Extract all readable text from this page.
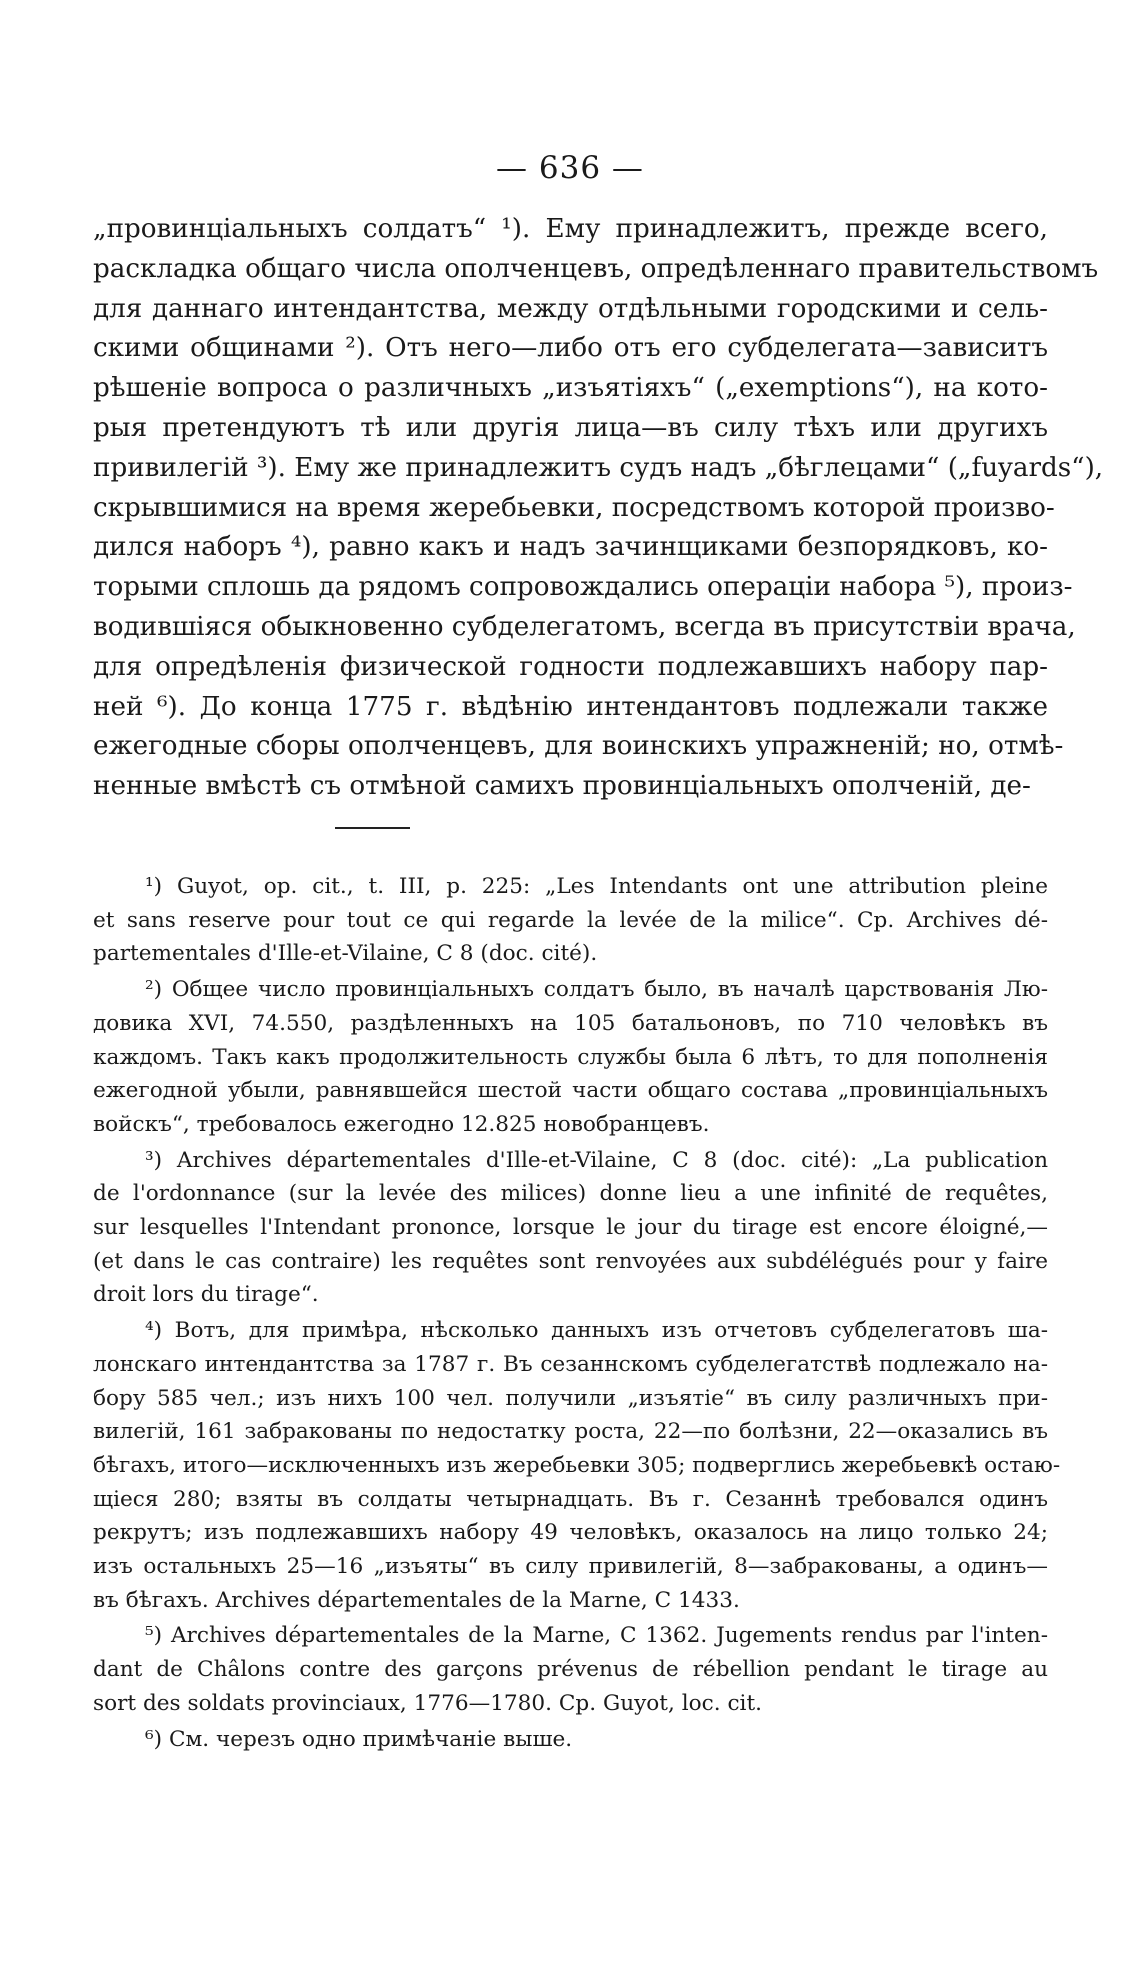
— 636 —
„провинціальныхъ солдатъ“ ¹). Ему принадлежитъ, прежде всего,
раскладка общаго числа ополченцевъ, опредѣленнаго правительствомъ
для даннаго интендантства, между отдѣльными городскими и сель-
скими общинами ²). Отъ него—либо отъ его субделегата—зависитъ
рѣшеніе вопроса о различныхъ „изъятіяхъ“ („exemptions“), на кото-
рыя претендуютъ тѣ или другія лица—въ силу тѣхъ или другихъ
привилегій ³). Ему же принадлежитъ судъ надъ „бѣглецами“ („fuyards“),
скрывшимися на время жеребьевки, посредствомъ которой произво-
дился наборъ ⁴), равно какъ и надъ зачинщиками безпорядковъ, ко-
торыми сплошь да рядомъ сопровождались операціи набора ⁵), произ-
водившіяся обыкновенно субделегатомъ, всегда въ присутствіи врача,
для опредѣленія физической годности подлежавшихъ набору пар-
ней ⁶). До конца 1775 г. вѣдѣнію интендантовъ подлежали также
ежегодные сборы ополченцевъ, для воинскихъ упражненій; но, отмѣ-
ненные вмѣстѣ съ отмѣной самихъ провинціальныхъ ополченій, де-
¹) Guyot, op. cit., t. III, p. 225: „Les Intendants ont une attribution pleine
et sans reserve pour tout ce qui regarde la levée de la milice“. Cp. Archives dé-
partementales d'Ille-et-Vilaine, C 8 (doc. cité).
²) Общее число провинціальныхъ солдатъ было, въ началѣ царствованія Лю-
довика XVI, 74.550, раздѣленныхъ на 105 батальоновъ, по 710 человѣкъ въ
каждомъ. Такъ какъ продолжительность службы была 6 лѣтъ, то для пополненія
ежегодной убыли, равнявшейся шестой части общаго состава „провинціальныхъ
войскъ“, требовалось ежегодно 12.825 новобранцевъ.
³) Archives départementales d'Ille-et-Vilaine, C 8 (doc. cité): „La publication
de l'ordonnance (sur la levée des milices) donne lieu a une infinité de requêtes,
sur lesquelles l'Intendant prononce, lorsque le jour du tirage est encore éloigné,—
(et dans le cas contraire) les requêtes sont renvoyées aux subdélégués pour y faire
droit lors du tirage“.
⁴) Вотъ, для примѣра, нѣсколько данныхъ изъ отчетовъ субделегатовъ ша-
лонскаго интендантства за 1787 г. Въ сезаннскомъ субделегатствѣ подлежало на-
бору 585 чел.; изъ нихъ 100 чел. получили „изъятіе“ въ силу различныхъ при-
вилегій, 161 забракованы по недостатку роста, 22—по болѣзни, 22—оказались въ
бѣгахъ, итого—исключенныхъ изъ жеребьевки 305; подверглись жеребьевкѣ остаю-
щіеся 280; взяты въ солдаты четырнадцать. Въ г. Сезаннѣ требовался одинъ
рекрутъ; изъ подлежавшихъ набору 49 человѣкъ, оказалось на лицо только 24;
изъ остальныхъ 25—16 „изъяты“ въ силу привилегій, 8—забракованы, а одинъ—
въ бѣгахъ. Archives départementales de la Marne, C 1433.
⁵) Archives départementales de la Marne, C 1362. Jugements rendus par l'inten-
dant de Châlons contre des garçons prévenus de rébellion pendant le tirage au
sort des soldats provinciaux, 1776—1780. Cp. Guyot, loc. cit.
⁶) См. черезъ одно примѣчаніе выше.
